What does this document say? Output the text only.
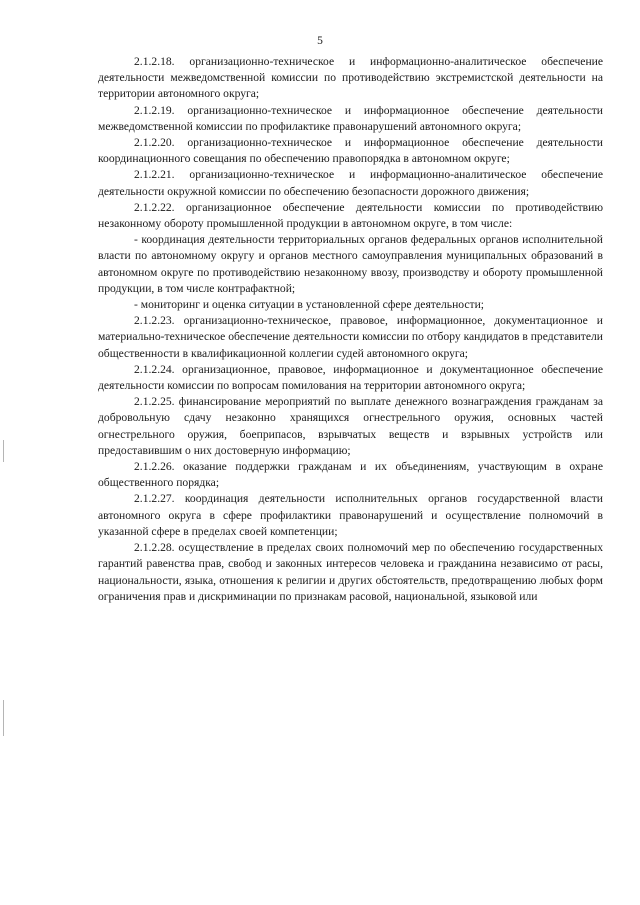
5

2.1.2.18. организационно-техническое и информационно-аналитическое обеспечение деятельности межведомственной комиссии по противодействию экстремистской деятельности на территории автономного округа;

2.1.2.19. организационно-техническое и информационное обеспечение деятельности межведомственной комиссии по профилактике правонарушений автономного округа;

2.1.2.20. организационно-техническое и информационное обеспечение деятельности координационного совещания по обеспечению правопорядка в автономном округе;

2.1.2.21. организационно-техническое и информационно-аналитическое обеспечение деятельности окружной комиссии по обеспечению безопасности дорожного движения;

2.1.2.22. организационное обеспечение деятельности комиссии по противодействию незаконному обороту промышленной продукции в автономном округе, в том числе:

- координация деятельности территориальных органов федеральных органов исполнительной власти по автономному округу и органов местного самоуправления муниципальных образований в автономном округе по противодействию незаконному ввозу, производству и обороту промышленной продукции, в том числе контрафактной;

- мониторинг и оценка ситуации в установленной сфере деятельности;

2.1.2.23. организационно-техническое, правовое, информационное, документационное и материально-техническое обеспечение деятельности комиссии по отбору кандидатов в представители общественности в квалификационной коллегии судей автономного округа;

2.1.2.24. организационное, правовое, информационное и документационное обеспечение деятельности комиссии по вопросам помилования на территории автономного округа;

2.1.2.25. финансирование мероприятий по выплате денежного вознаграждения гражданам за добровольную сдачу незаконно хранящихся огнестрельного оружия, основных частей огнестрельного оружия, боеприпасов, взрывчатых веществ и взрывных устройств или предоставившим о них достоверную информацию;

2.1.2.26. оказание поддержки гражданам и их объединениям, участвующим в охране общественного порядка;

2.1.2.27. координация деятельности исполнительных органов государственной власти автономного округа в сфере профилактики правонарушений и осуществление полномочий в указанной сфере в пределах своей компетенции;

2.1.2.28. осуществление в пределах своих полномочий мер по обеспечению государственных гарантий равенства прав, свобод и законных интересов человека и гражданина независимо от расы, национальности, языка, отношения к религии и других обстоятельств, предотвращению любых форм ограничения прав и дискриминации по признакам расовой, национальной, языковой или
